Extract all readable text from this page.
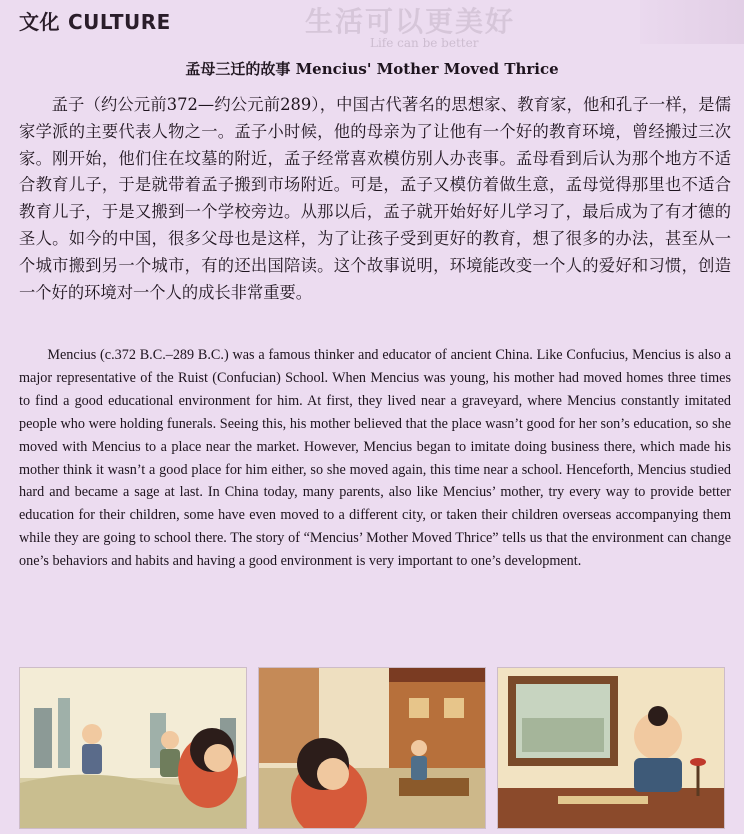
文化 CULTURE	生活可以更美好
Life can be better
孟母三迁的故事 Mencius' Mother Moved Thrice
孟子（约公元前372—约公元前289），中国古代著名的思想家、教育家，他和孔子一样，是儒家学派的主要代表人物之一。孟子小时候，他的母亲为了让他有一个好的教育环境，曾经搬过三次家。刚开始，他们住在坟墓的附近，孟子经常喜欢模仿别人办丧事。孟母看到后认为那个地方不适合教育儿子，于是就带着孟子搬到市场附近。可是，孟子又模仿着做生意，孟母觉得那里也不适合教育儿子，于是又搬到一个学校旁边。从那以后，孟子就开始好好儿学习了，最后成为了有才德的圣人。如今的中国，很多父母也是这样，为了让孩子受到更好的教育，想了很多的办法，甚至从一个城市搬到另一个城市，有的还出国陪读。这个故事说明，环境能改变一个人的爱好和习惯，创造一个好的环境对一个人的成长非常重要。
Mencius (c.372 B.C.–289 B.C.) was a famous thinker and educator of ancient China. Like Confucius, Mencius is also a major representative of the Ruist (Confucian) School. When Mencius was young, his mother had moved homes three times to find a good educational environment for him. At first, they lived near a graveyard, where Mencius constantly imitated people who were holding funerals. Seeing this, his mother believed that the place wasn’t good for her son’s education, so she moved with Mencius to a place near the market. However, Mencius began to imitate doing business there, which made his mother think it wasn’t a good place for him either, so she moved again, this time near a school. Henceforth, Mencius studied hard and became a sage at last. In China today, many parents, also like Mencius’ mother, try every way to provide better education for their children, some have even moved to a different city, or taken their children overseas accompanying them while they are going to school there. The story of “Mencius’ Mother Moved Thrice” tells us that the environment can change one’s behaviors and habits and having a good environment is very important to one’s development.
